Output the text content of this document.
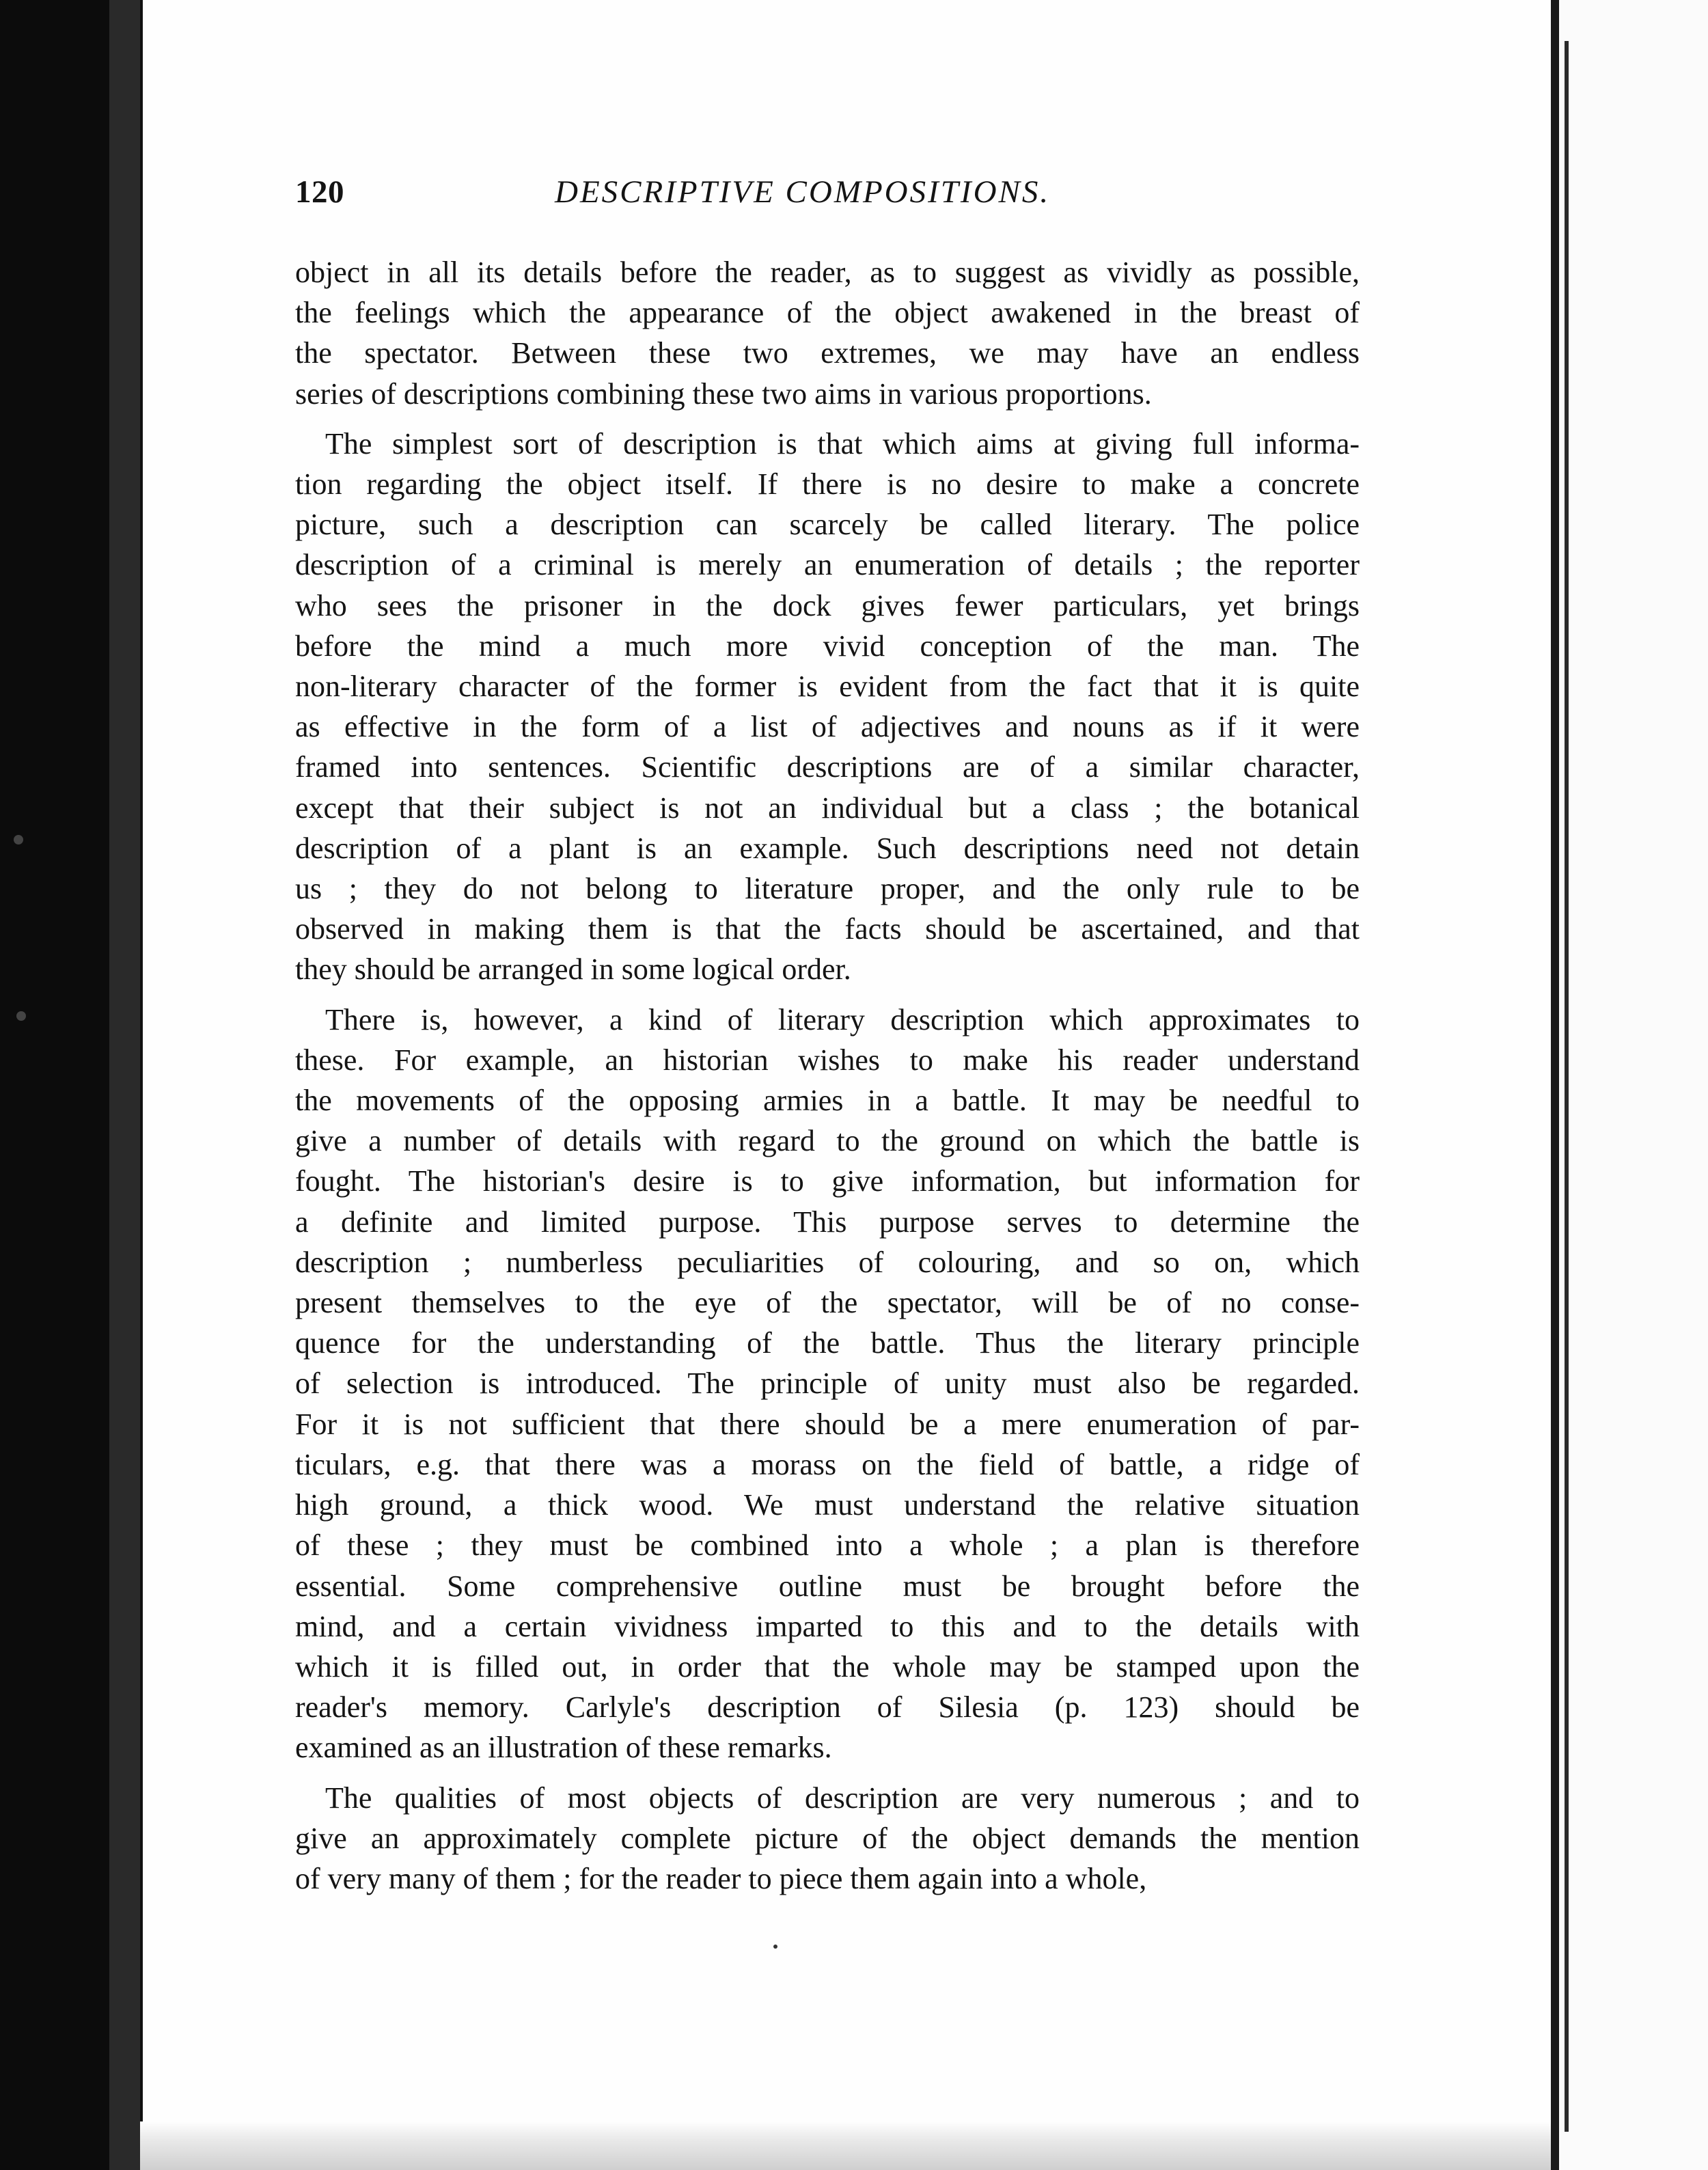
120	DESCRIPTIVE COMPOSITIONS.
object in all its details before the reader, as to suggest as vividly as possible,
the feelings which the appearance of the object awakened in the breast of
the spectator. Between these two extremes, we may have an endless
series of descriptions combining these two aims in various proportions.
The simplest sort of description is that which aims at giving full informa-
tion regarding the object itself. If there is no desire to make a concrete
picture, such a description can scarcely be called literary. The police
description of a criminal is merely an enumeration of details ; the reporter
who sees the prisoner in the dock gives fewer particulars, yet brings
before the mind a much more vivid conception of the man. The
non-literary character of the former is evident from the fact that it is quite
as effective in the form of a list of adjectives and nouns as if it were
framed into sentences. Scientific descriptions are of a similar character,
except that their subject is not an individual but a class ; the botanical
description of a plant is an example. Such descriptions need not detain
us ; they do not belong to literature proper, and the only rule to be
observed in making them is that the facts should be ascertained, and that
they should be arranged in some logical order.
There is, however, a kind of literary description which approximates to
these. For example, an historian wishes to make his reader understand
the movements of the opposing armies in a battle. It may be needful to
give a number of details with regard to the ground on which the battle is
fought. The historian's desire is to give information, but information for
a definite and limited purpose. This purpose serves to determine the
description ; numberless peculiarities of colouring, and so on, which
present themselves to the eye of the spectator, will be of no conse-
quence for the understanding of the battle. Thus the literary principle
of selection is introduced. The principle of unity must also be regarded.
For it is not sufficient that there should be a mere enumeration of par-
ticulars, e.g. that there was a morass on the field of battle, a ridge of
high ground, a thick wood. We must understand the relative situation
of these ; they must be combined into a whole ; a plan is therefore
essential. Some comprehensive outline must be brought before the
mind, and a certain vividness imparted to this and to the details with
which it is filled out, in order that the whole may be stamped upon the
reader's memory. Carlyle's description of Silesia (p. 123) should be
examined as an illustration of these remarks.
The qualities of most objects of description are very numerous ; and to
give an approximately complete picture of the object demands the mention
of very many of them ; for the reader to piece them again into a whole,
